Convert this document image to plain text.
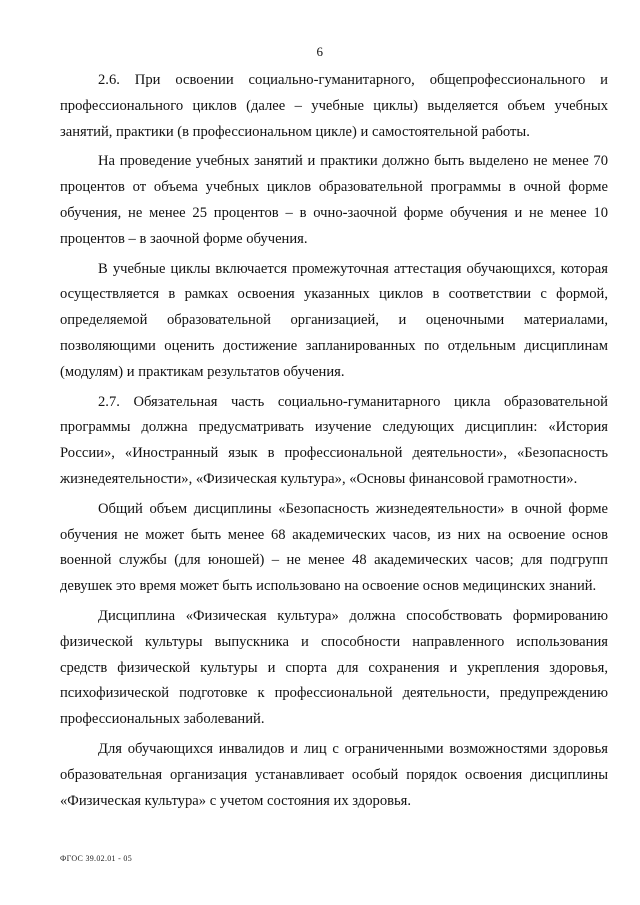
6

2.6. При освоении социально-гуманитарного, общепрофессионального и профессионального циклов (далее – учебные циклы) выделяется объем учебных занятий, практики (в профессиональном цикле) и самостоятельной работы.

На проведение учебных занятий и практики должно быть выделено не менее 70 процентов от объема учебных циклов образовательной программы в очной форме обучения, не менее 25 процентов – в очно-заочной форме обучения и не менее 10 процентов – в заочной форме обучения.

В учебные циклы включается промежуточная аттестация обучающихся, которая осуществляется в рамках освоения указанных циклов в соответствии с формой, определяемой образовательной организацией, и оценочными материалами, позволяющими оценить достижение запланированных по отдельным дисциплинам (модулям) и практикам результатов обучения.

2.7. Обязательная часть социально-гуманитарного цикла образовательной программы должна предусматривать изучение следующих дисциплин: «История России», «Иностранный язык в профессиональной деятельности», «Безопасность жизнедеятельности», «Физическая культура», «Основы финансовой грамотности».

Общий объем дисциплины «Безопасность жизнедеятельности» в очной форме обучения не может быть менее 68 академических часов, из них на освоение основ военной службы (для юношей) – не менее 48 академических часов; для подгрупп девушек это время может быть использовано на освоение основ медицинских знаний.

Дисциплина «Физическая культура» должна способствовать формированию физической культуры выпускника и способности направленного использования средств физической культуры и спорта для сохранения и укрепления здоровья, психофизической подготовке к профессиональной деятельности, предупреждению профессиональных заболеваний.

Для обучающихся инвалидов и лиц с ограниченными возможностями здоровья образовательная организация устанавливает особый порядок освоения дисциплины «Физическая культура» с учетом состояния их здоровья.

ФГОС 39.02.01 - 05
